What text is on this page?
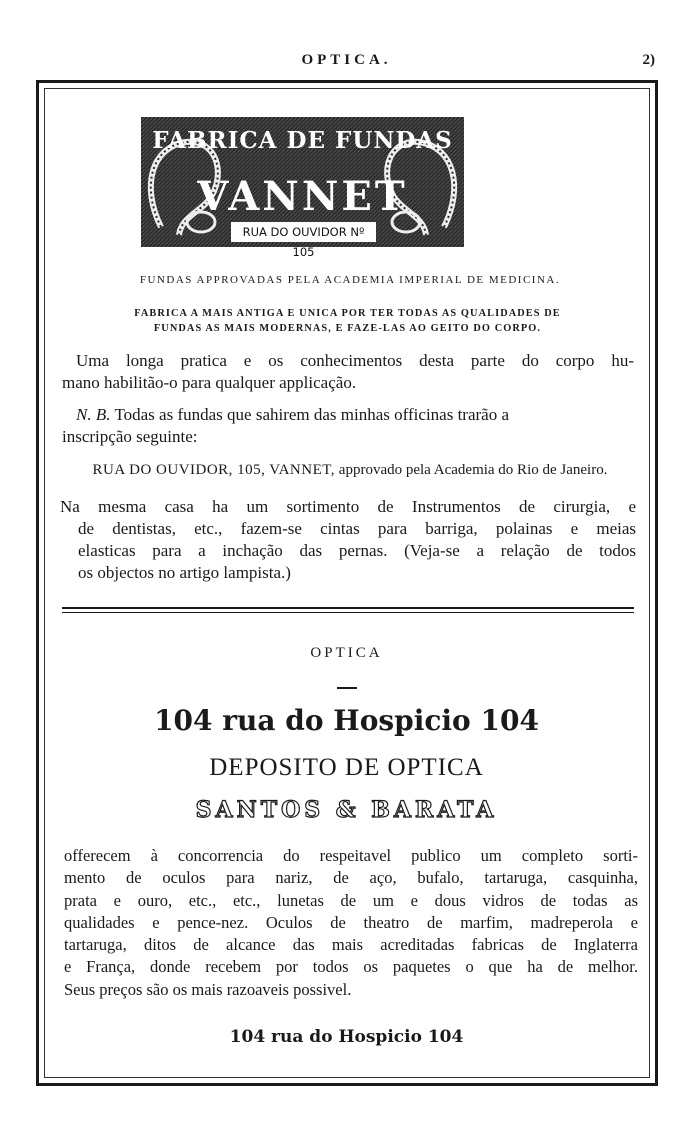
OPTICA.	2)
FABRICA DE FUNDAS
VANNET
RUA DO OUVIDOR Nº 105
FUNDAS APPROVADAS PELA ACADEMIA IMPERIAL DE MEDICINA.
FABRICA A MAIS ANTIGA E UNICA POR TER TODAS AS QUALIDADES DE
FUNDAS AS MAIS MODERNAS, E FAZE-LAS AO GEITO DO CORPO.
Uma longa pratica e os conhecimentos desta parte do corpo hu-
mano habilitão-o para qualquer applicação.
N. B. Todas as fundas que sahirem das minhas officinas trarão a
inscripção seguinte:
RUA DO OUVIDOR, 105, VANNET, approvado pela Academia do Rio de Janeiro.
Na mesma casa ha um sortimento de Instrumentos de cirurgia, e
de dentistas, etc., fazem-se cintas para barriga, polainas e meias
elasticas para a inchação das pernas. (Veja-se a relação de todos
os objectos no artigo lampista.)
OPTICA
104 rua do Hospicio 104
DEPOSITO DE OPTICA
SANTOS & BARATA
offerecem à concorrencia do respeitavel publico um completo sorti-
mento de oculos para nariz, de aço, bufalo, tartaruga, casquinha,
prata e ouro, etc., etc., lunetas de um e dous vidros de todas as
qualidades e pence-nez. Oculos de theatro de marfim, madreperola e
tartaruga, ditos de alcance das mais acreditadas fabricas de Inglaterra
e França, donde recebem por todos os paquetes o que ha de melhor.
Seus preços são os mais razoaveis possivel.
104 rua do Hospicio 104
